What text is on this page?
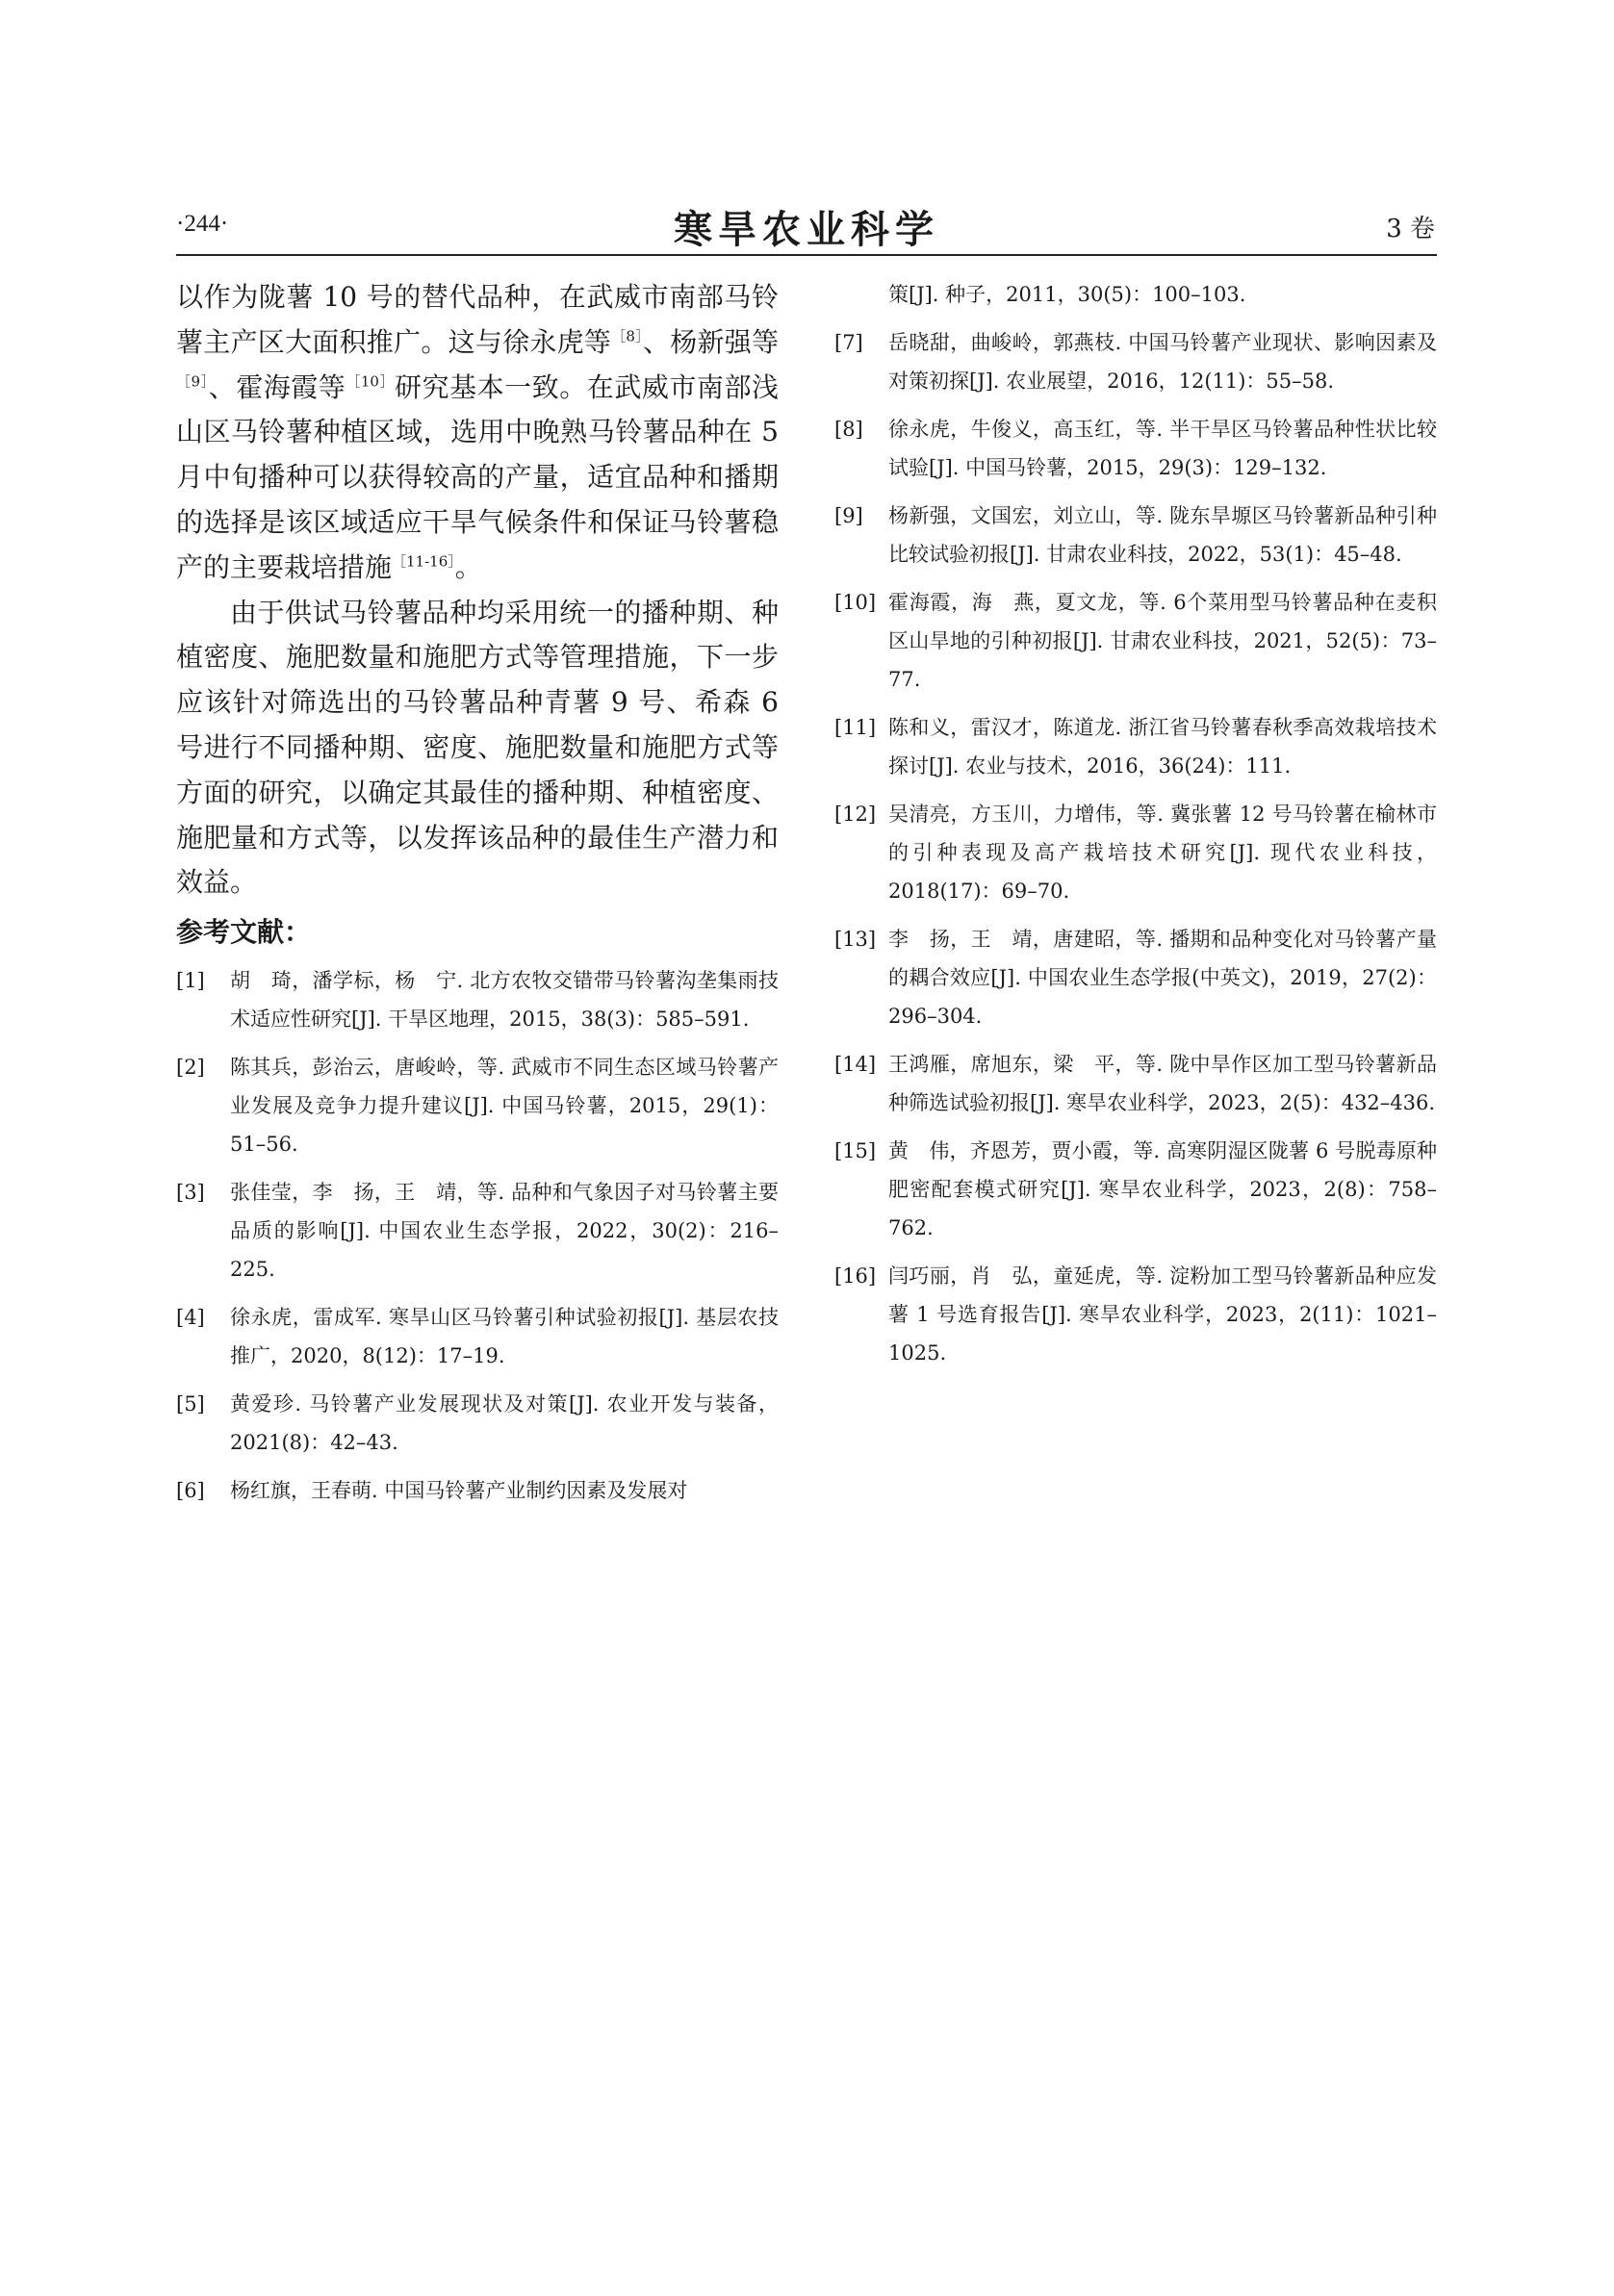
·244·	寒旱农业科学	3 卷

以作为陇薯 10 号的替代品种，在武威市南部马铃薯主产区大面积推广。这与徐永虎等$^{[8]}$、杨新强等$^{[9]}$、霍海霞等$^{[10]}$研究基本一致。在武威市南部浅山区马铃薯种植区域，选用中晚熟马铃薯品种在 5 月中旬播种可以获得较高的产量，适宜品种和播期的选择是该区域适应干旱气候条件和保证马铃薯稳产的主要栽培措施$^{[11-16]}$。

由于供试马铃薯品种均采用统一的播种期、种植密度、施肥数量和施肥方式等管理措施，下一步应该针对筛选出的马铃薯品种青薯 9 号、希森 6 号进行不同播种期、密度、施肥数量和施肥方式等方面的研究，以确定其最佳的播种期、种植密度、施肥量和方式等，以发挥该品种的最佳生产潜力和效益。

参考文献：
[1] 胡　琦，潘学标，杨　宁. 北方农牧交错带马铃薯沟垄集雨技术适应性研究[J]. 干旱区地理，2015，38(3)：585–591.
[2] 陈其兵，彭治云，唐峻岭，等. 武威市不同生态区域马铃薯产业发展及竞争力提升建议[J]. 中国马铃薯，2015，29(1)：51–56.
[3] 张佳莹，李　扬，王　靖，等. 品种和气象因子对马铃薯主要品质的影响[J]. 中国农业生态学报，2022，30(2)：216–225.
[4] 徐永虎，雷成军. 寒旱山区马铃薯引种试验初报[J]. 基层农技推广，2020，8(12)：17–19.
[5] 黄爱珍. 马铃薯产业发展现状及对策[J]. 农业开发与装备，2021(8)：42–43.
[6] 杨红旗，王春萌. 中国马铃薯产业制约因素及发展对
策[J]. 种子，2011，30(5)：100–103.
[7] 岳晓甜，曲峻岭，郭燕枝. 中国马铃薯产业现状、影响因素及对策初探[J]. 农业展望，2016，12(11)：55–58.
[8] 徐永虎，牛俊义，高玉红，等. 半干旱区马铃薯品种性状比较试验[J]. 中国马铃薯，2015，29(3)：129–132.
[9] 杨新强，文国宏，刘立山，等. 陇东旱塬区马铃薯新品种引种比较试验初报[J]. 甘肃农业科技，2022，53(1)：45–48.
[10] 霍海霞，海　燕，夏文龙，等. 6个菜用型马铃薯品种在麦积区山旱地的引种初报[J]. 甘肃农业科技，2021，52(5)：73–77.
[11] 陈和义，雷汉才，陈道龙. 浙江省马铃薯春秋季高效栽培技术探讨[J]. 农业与技术，2016，36(24)：111.
[12] 吴清亮，方玉川，力增伟，等. 冀张薯 12 号马铃薯在榆林市的引种表现及高产栽培技术研究[J]. 现代农业科技，2018(17)：69–70.
[13] 李　扬，王　靖，唐建昭，等. 播期和品种变化对马铃薯产量的耦合效应[J]. 中国农业生态学报(中英文)，2019，27(2)：296–304.
[14] 王鸿雁，席旭东，梁　平，等. 陇中旱作区加工型马铃薯新品种筛选试验初报[J]. 寒旱农业科学，2023，2(5)：432–436.
[15] 黄　伟，齐恩芳，贾小霞，等. 高寒阴湿区陇薯 6 号脱毒原种肥密配套模式研究[J]. 寒旱农业科学，2023，2(8)：758–762.
[16] 闫巧丽，肖　弘，童延虎，等. 淀粉加工型马铃薯新品种应发薯 1 号选育报告[J]. 寒旱农业科学，2023，2(11)：1021–1025.
